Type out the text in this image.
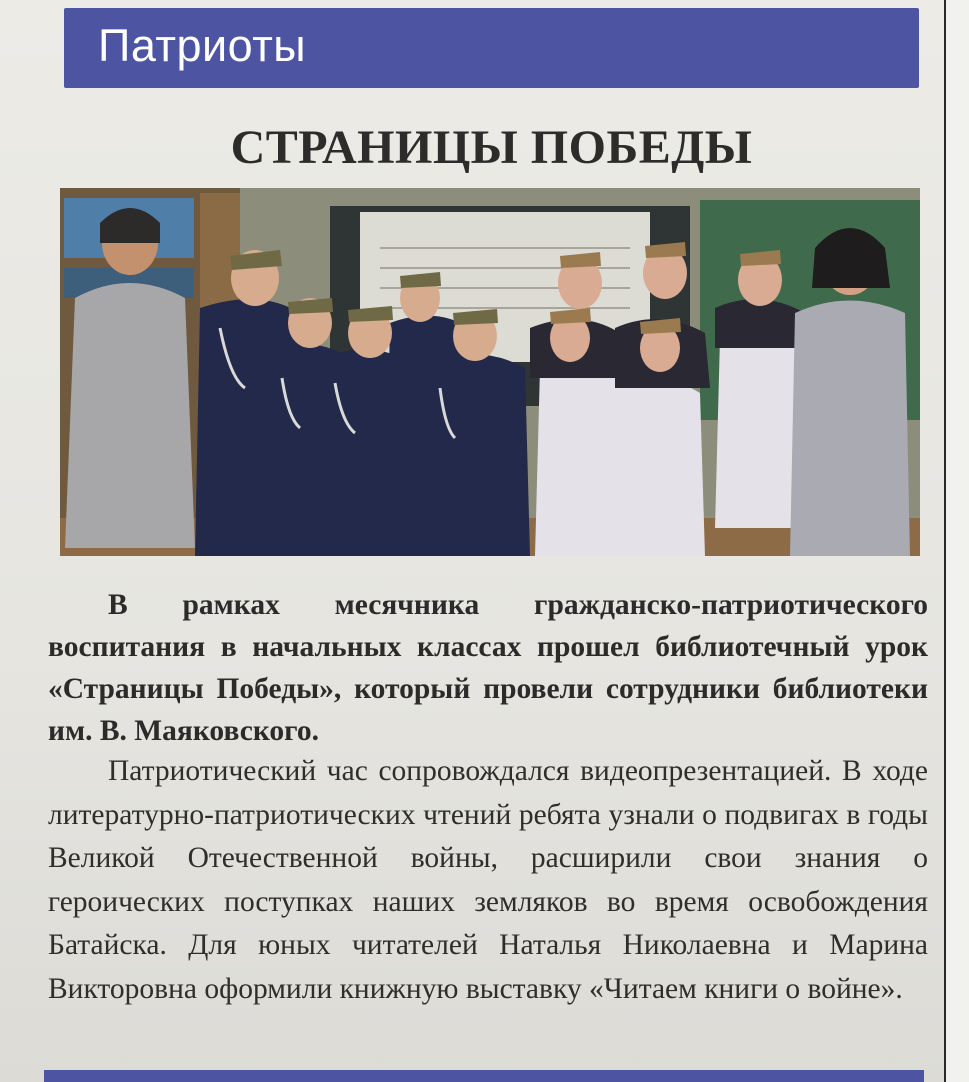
Патриоты
СТРАНИЦЫ ПОБЕДЫ

В рамках месячника гражданско-патриотического воспитания в начальных классах прошел библиотечный урок «Страницы Победы», который провели сотрудники библиотеки им. В. Маяковского.

Патриотический час сопровождался видеопрезентацией. В ходе литературно-патриотических чтений ребята узнали о подвигах в годы Великой Отечественной войны, расширили свои знания о героических поступках наших земляков во время освобождения Батайска. Для юных читателей Наталья Николаевна и Марина Викторовна оформили книжную выставку «Читаем книги о войне».
